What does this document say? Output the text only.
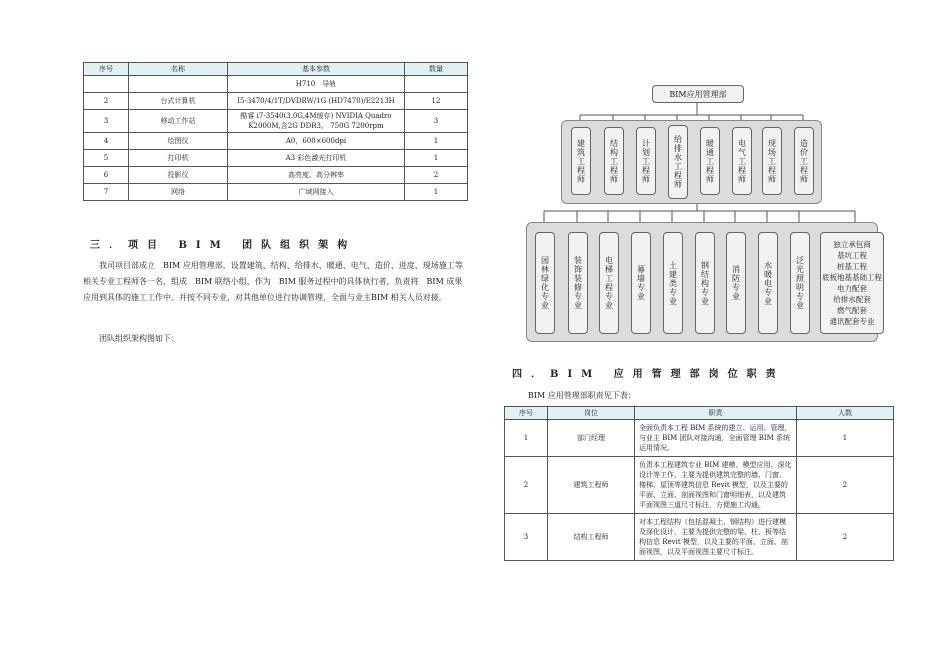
序号	名称	基本参数	数量
		H710　导轨	
2	台式计算机	I5-3470/4/1T/DVDRW/1G (HD7470)/E2213H	12
3	移动工作站	酷睿 i7-3540(3.0G,4M缓存) NVIDIA Quadro K2000M,含2G DDR3,　750G 7200rpm	3
4	绘图仪	A0，600×600dpi	1
5	打印机	A3 彩色激光打印机	1
6	投影仪	高亮度、高分辨率	2
7	网络	广域网接入	1
三．项目 BIM 团队组织架构
我司项目部成立　BIM 应用管理部，设置建筑、结构、给排水、暖通、电气、造价、进度、现场施工等相关专业工程师各一名，组成　BIM 联络小组，作为　BIM 服务过程中的具体执行者，负责将　BIM 成果应用到具体的施工工作中。并按不同专业，对其他单位进行协调管理，全面与业主BIM 相关人员对接。
团队组织架构图如下：
BIM应用管理部
建筑工程师	结构工程师	计划工程师	给排水工程师	暖通工程师	电气工程师	现场工程师	造价工程师
园林绿化专业	装饰装修专业	电梯工程专业	幕墙专业	土建类专业	钢结构专业	消防专业	水暖电专业	泛光照明专业
独立承包商
基坑工程
桩基工程
底板地基基础工程
电力配套
给排水配套
燃气配套
通讯配套专业
四．BIM 应用管理部岗位职责
BIM 应用管理部职责见下表：
序号	岗位	职责	人数
1	部门经理	全面负责本工程 BIM 系统的建立、运用、管理，与业主 BIM 团队对接沟通，全面管理 BIM 系统运用情况。	1
2	建筑工程师	负责本工程建筑专业 BIM 建模、模型应用、深化设计等工作，主要为提供建筑完整的墙、门窗、楼梯、屋顶等建筑信息 Revit 模型，以及主要的平面、立面、剖面视图和门窗明细表，以及建筑平面视图三道尺寸标注，方便施工沟通。	2
3	结构工程师	对本工程结构（包括混凝土、钢结构）进行建模及深化设计，主要为提供完整的梁、柱、板等结构信息 Revit 模型，以及主要的平面、立面、剖面视图，以及平面视图主要尺寸标注。	2
